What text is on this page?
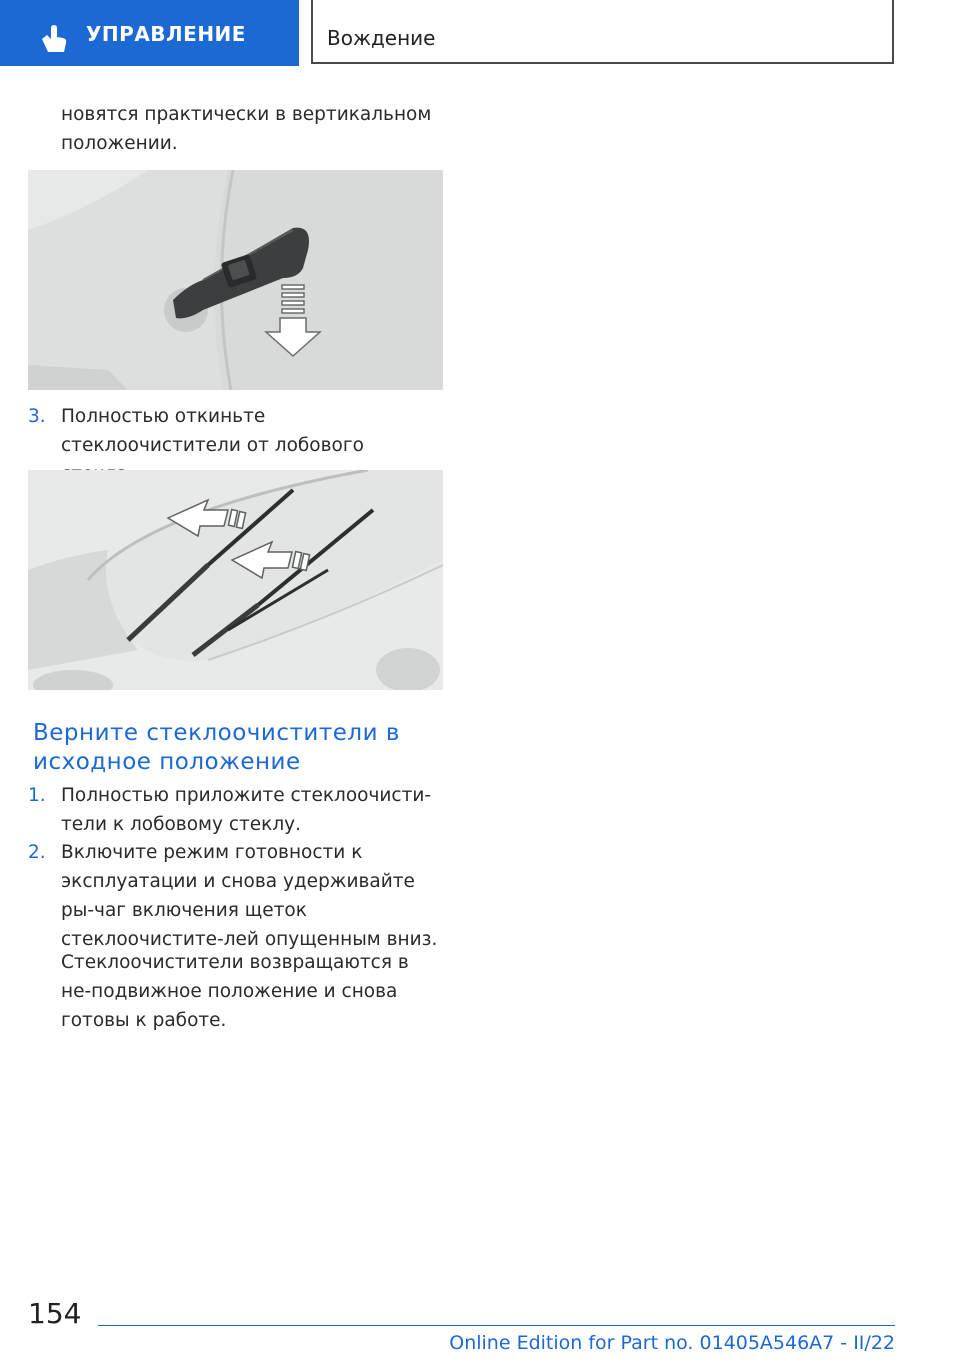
УПРАВЛЕНИЕ	Вождение
новятся практически в вертикальном положении.
3. Полностью откиньте стеклоочистители от лобового
Верните стеклоочистители в исходное положение
1. Полностью приложите стеклоочисти-тели к лобовому стеклу.
2. Включите режим готовности к эксплуатации и снова удерживайте ры-чаг включения щеток стеклоочистите-лей опущенным вниз.
Стеклоочистители возвращаются в не-подвижное положение и снова готовы к работе.
154
Online Edition for Part no. 01405A546A7 - II/22
